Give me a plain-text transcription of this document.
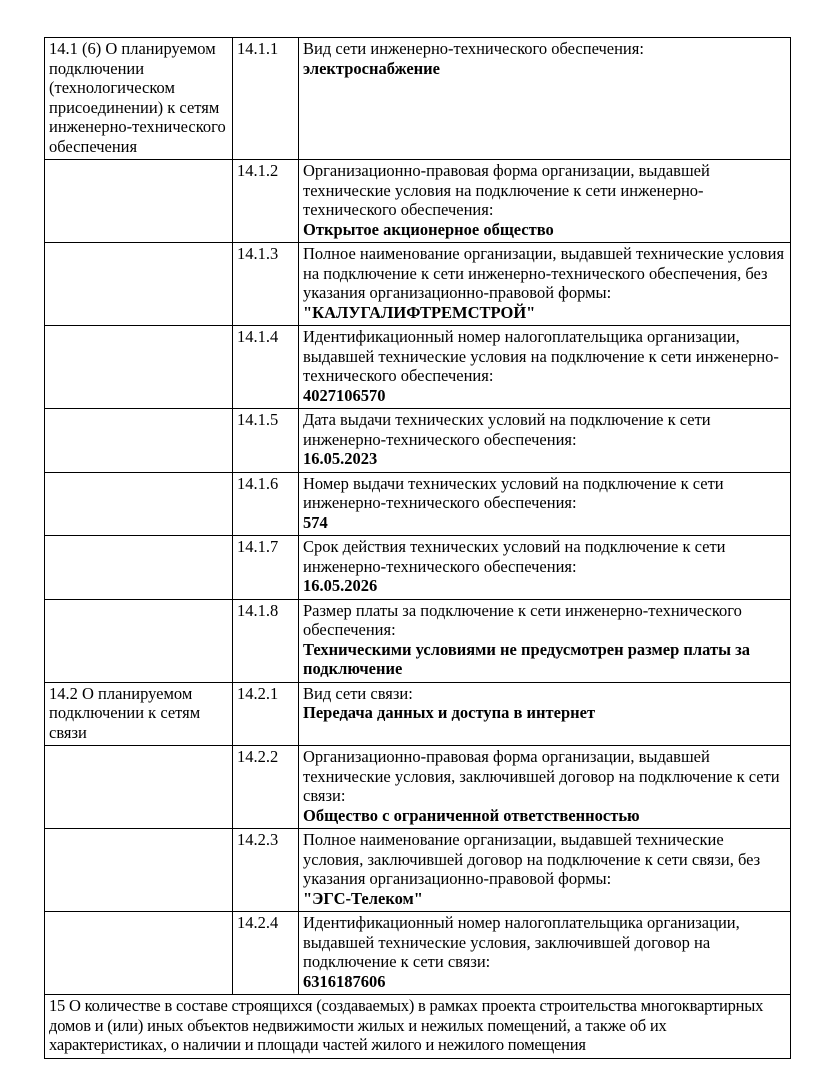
14.1 (6) О планируемом подключении (технологическом присоединении) к сетям инженерно-технического обеспечения	14.1.1	Вид сети инженерно-технического обеспечения:
электроснабжение

	14.1.2	Организационно-правовая форма организации, выдавшей технические условия на подключение к сети инженерно-технического обеспечения:
Открытое акционерное общество

	14.1.3	Полное наименование организации, выдавшей технические условия на подключение к сети инженерно-технического обеспечения, без указания организационно-правовой формы:
"КАЛУГАЛИФТРЕМСТРОЙ"

	14.1.4	Идентификационный номер налогоплательщика организации, выдавшей технические условия на подключение к сети инженерно-технического обеспечения:
4027106570

	14.1.5	Дата выдачи технических условий на подключение к сети инженерно-технического обеспечения:
16.05.2023

	14.1.6	Номер выдачи технических условий на подключение к сети инженерно-технического обеспечения:
574

	14.1.7	Срок действия технических условий на подключение к сети инженерно-технического обеспечения:
16.05.2026

	14.1.8	Размер платы за подключение к сети инженерно-технического обеспечения:
Техническими условиями не предусмотрен размер платы за подключение

14.2 О планируемом подключении к сетям связи	14.2.1	Вид сети связи:
Передача данных и доступа в интернет

	14.2.2	Организационно-правовая форма организации, выдавшей технические условия, заключившей договор на подключение к сети связи:
Общество с ограниченной ответственностью

	14.2.3	Полное наименование организации, выдавшей технические условия, заключившей договор на подключение к сети связи, без указания организационно-правовой формы:
"ЭГС-Телеком"

	14.2.4	Идентификационный номер налогоплательщика организации, выдавшей технические условия, заключившей договор на подключение к сети связи:
6316187606

15 О количестве в составе строящихся (создаваемых) в рамках проекта строительства многоквартирных домов и (или) иных объектов недвижимости жилых и нежилых помещений, а также об их характеристиках, о наличии и площади частей жилого и нежилого помещения		
